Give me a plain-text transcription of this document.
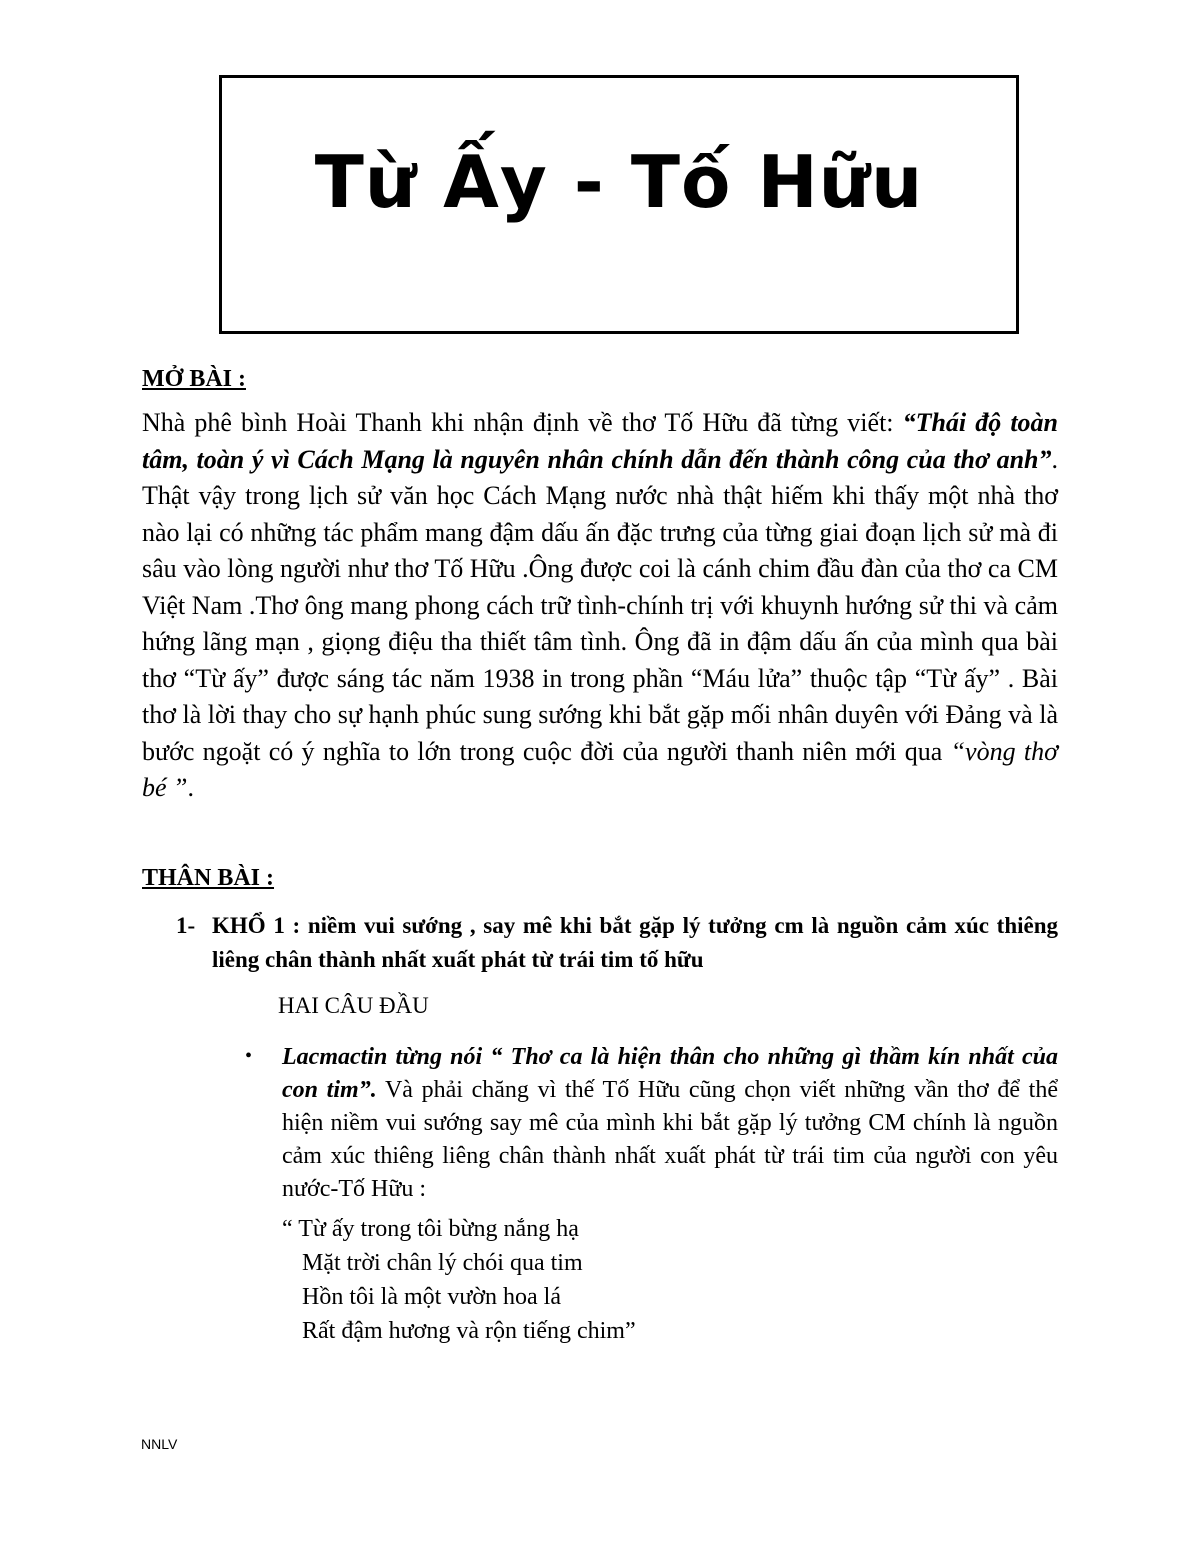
Từ Ấy - Tố Hữu
MỞ BÀI :
Nhà phê bình Hoài Thanh khi nhận định về thơ Tố Hữu đã từng viết: “Thái độ toàn tâm, toàn ý vì Cách Mạng là nguyên nhân chính dẫn đến thành công của thơ anh”. Thật vậy trong lịch sử văn học Cách Mạng nước nhà thật hiếm khi thấy một nhà thơ nào lại có những tác phẩm mang đậm dấu ấn đặc trưng của từng giai đoạn lịch sử mà đi sâu vào lòng người như thơ Tố Hữu .Ông được coi là cánh chim đầu đàn của thơ ca CM Việt Nam .Thơ ông mang phong cách trữ tình-chính trị với khuynh hướng sử thi và cảm hứng lãng mạn , giọng điệu tha thiết tâm tình. Ông đã in đậm dấu ấn của mình qua bài thơ “Từ ấy” được sáng tác năm 1938 in trong phần “Máu lửa” thuộc tập “Từ ấy” . Bài thơ là lời thay cho sự hạnh phúc sung sướng khi bắt gặp mối nhân duyên với Đảng và là bước ngoặt có ý nghĩa to lớn trong cuộc đời của người thanh niên mới qua “vòng thơ bé ”.
THÂN BÀI :
1- KHỔ 1 : niềm vui sướng , say mê khi bắt gặp lý tưởng cm là nguồn cảm xúc thiêng liêng chân thành nhất xuất phát từ trái tim tố hữu
HAI CÂU ĐẦU
• Lacmactin từng nói “ Thơ ca là hiện thân cho những gì thầm kín nhất của con tim”. Và phải chăng vì thế Tố Hữu cũng chọn viết những vần thơ để thể hiện niềm vui sướng say mê của mình khi bắt gặp lý tưởng CM chính là nguồn cảm xúc thiêng liêng chân thành nhất xuất phát từ trái tim của người con yêu nước-Tố Hữu :
“ Từ ấy trong tôi bừng nắng hạ
Mặt trời chân lý chói qua tim
Hồn tôi là một vườn hoa lá
Rất đậm hương và rộn tiếng chim”
NNLV
